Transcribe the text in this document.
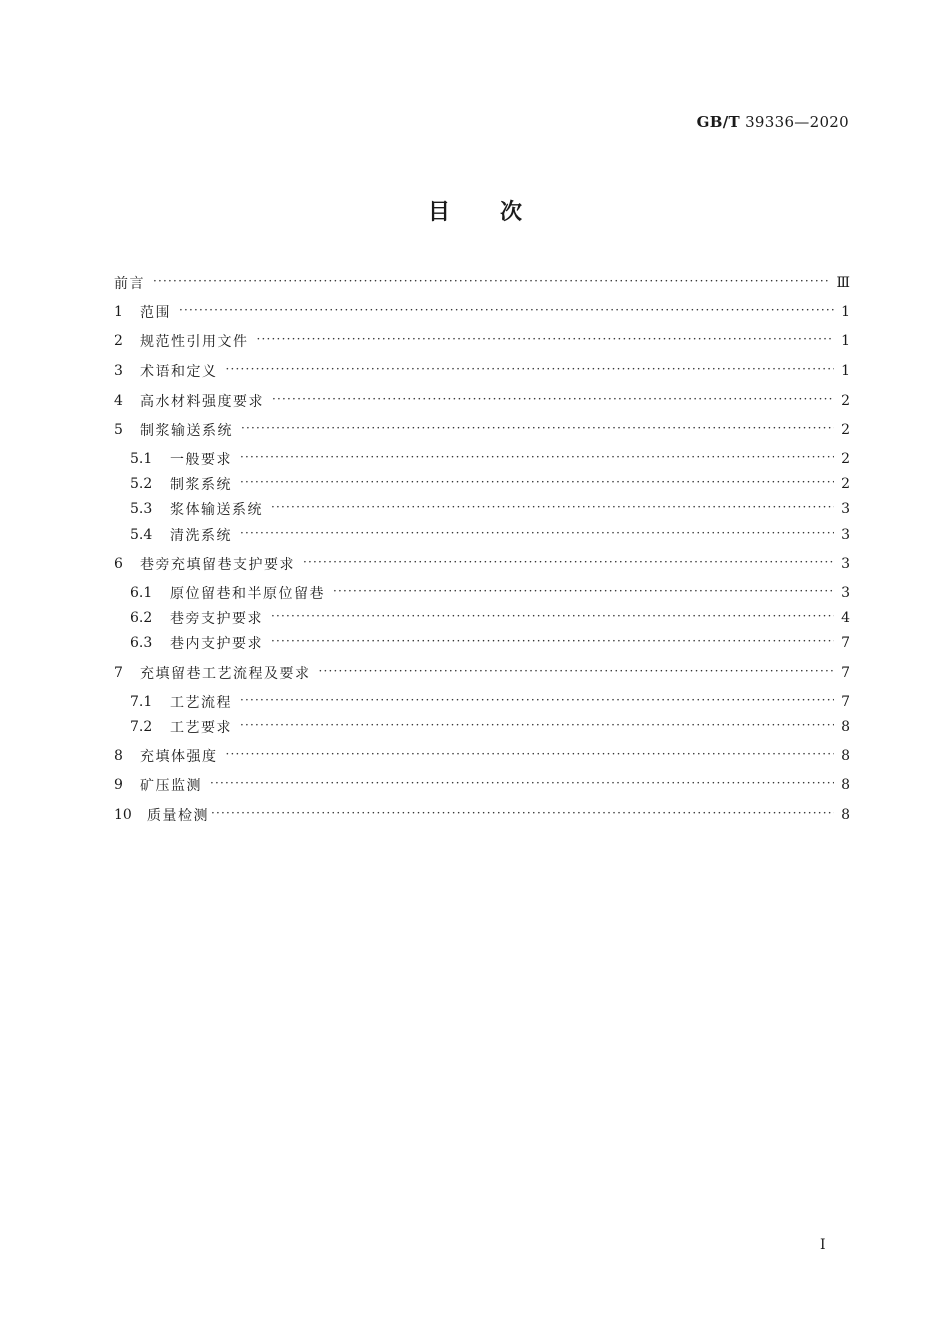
GB/T 39336—2020
目次
前言 ·····	Ⅲ
1	范围 ·····	1
2	规范性引用文件 ·····	1
3	术语和定义 ·····	1
4	高水材料强度要求 ·····	2
5	制浆输送系统 ·····	2
5.1	一般要求 ·····	2
5.2	制浆系统 ·····	2
5.3	浆体输送系统 ·····	3
5.4	清洗系统 ·····	3
6	巷旁充填留巷支护要求 ·····	3
6.1	原位留巷和半原位留巷 ·····	3
6.2	巷旁支护要求 ·····	4
6.3	巷内支护要求 ·····	7
7	充填留巷工艺流程及要求 ·····	7
7.1	工艺流程 ·····	7
7.2	工艺要求 ·····	8
8	充填体强度 ·····	8
9	矿压监测 ·····	8
10	质量检测 ·····	8
I
